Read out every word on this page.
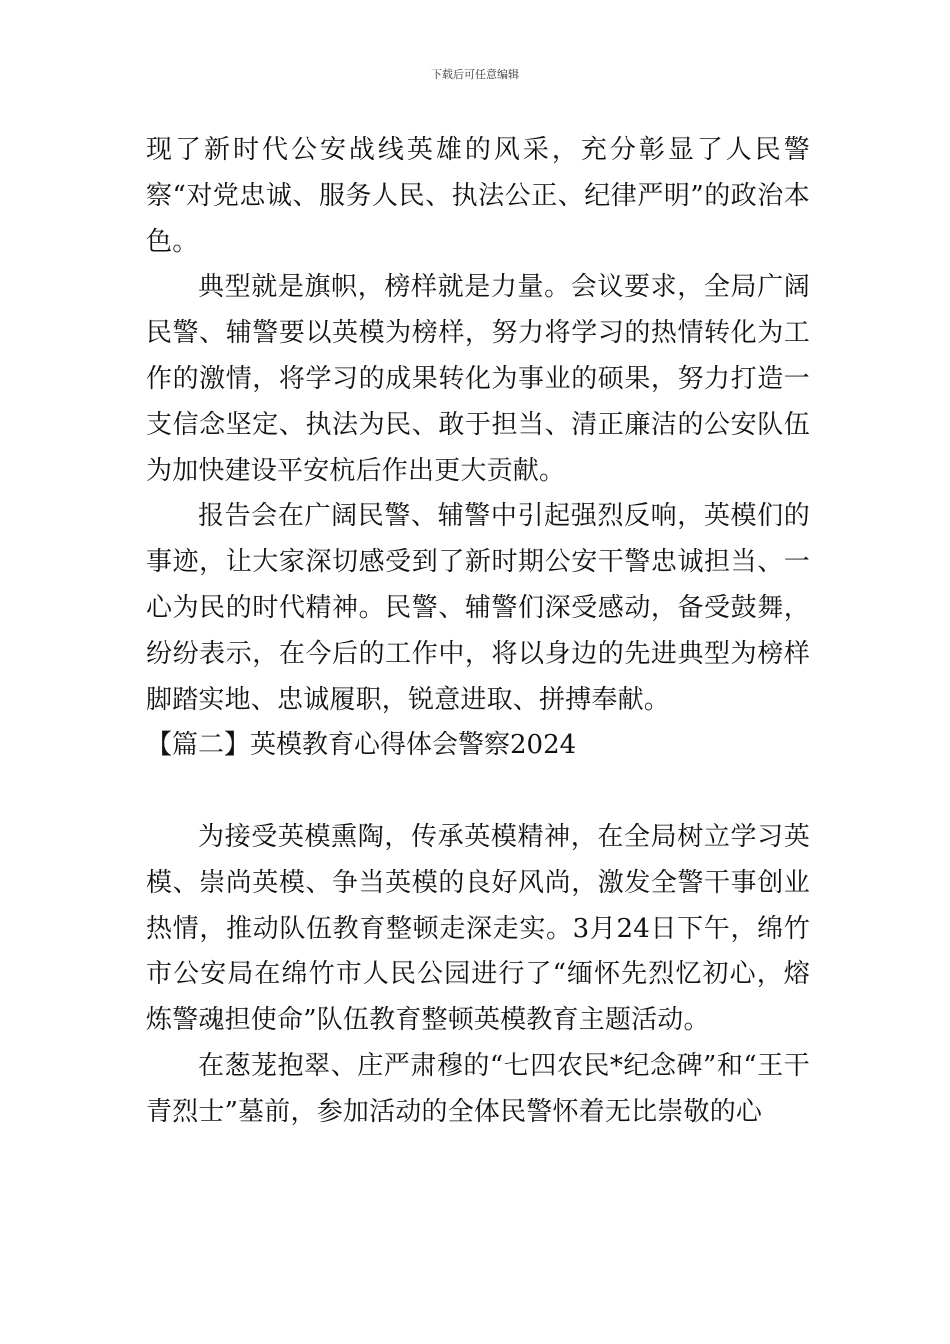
下载后可任意编辑

现了新时代公安战线英雄的风采，充分彰显了人民警察“对党忠诚、服务人民、执法公正、纪律严明”的政治本色。

典型就是旗帜，榜样就是力量。会议要求，全局广阔民警、辅警要以英模为榜样，努力将学习的热情转化为工作的激情，将学习的成果转化为事业的硕果，努力打造一支信念坚定、执法为民、敢于担当、清正廉洁的公安队伍为加快建设平安杭后作出更大贡献。

报告会在广阔民警、辅警中引起强烈反响，英模们的事迹，让大家深切感受到了新时期公安干警忠诚担当、一心为民的时代精神。民警、辅警们深受感动，备受鼓舞，纷纷表示，在今后的工作中，将以身边的先进典型为榜样脚踏实地、忠诚履职，锐意进取、拼搏奉献。

【篇二】英模教育心得体会警察2024

为接受英模熏陶，传承英模精神，在全局树立学习英模、崇尚英模、争当英模的良好风尚，激发全警干事创业热情，推动队伍教育整顿走深走实。3月24日下午，绵竹市公安局在绵竹市人民公园进行了“缅怀先烈忆初心，熔炼警魂担使命”队伍教育整顿英模教育主题活动。

在葱茏抱翠、庄严肃穆的“七四农民*纪念碑”和“王干青烈士”墓前，参加活动的全体民警怀着无比崇敬的心
